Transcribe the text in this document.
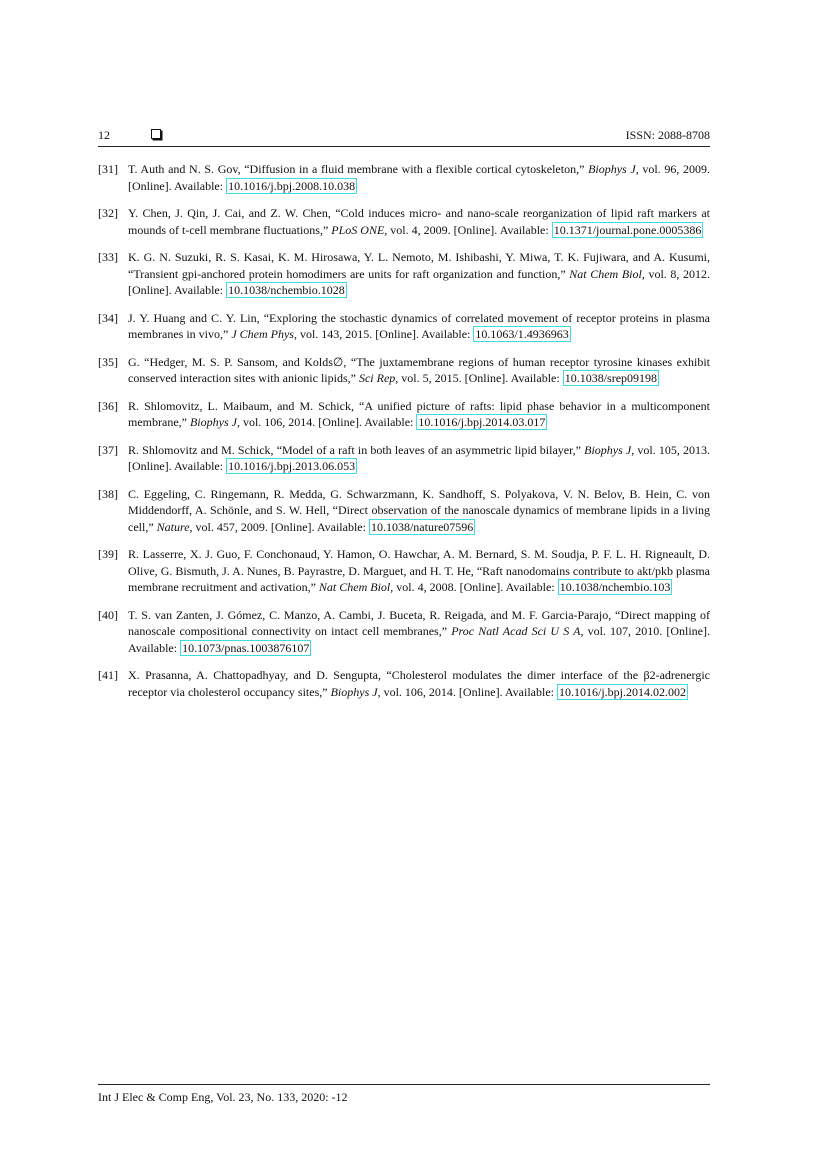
12	ISSN: 2088-8708
[31] T. Auth and N. S. Gov, “Diffusion in a fluid membrane with a flexible cortical cytoskeleton,” Biophys J, vol. 96, 2009. [Online]. Available: 10.1016/j.bpj.2008.10.038
[32] Y. Chen, J. Qin, J. Cai, and Z. W. Chen, “Cold induces micro- and nano-scale reorganization of lipid raft markers at mounds of t-cell membrane fluctuations,” PLoS ONE, vol. 4, 2009. [Online]. Available: 10.1371/journal.pone.0005386
[33] K. G. N. Suzuki, R. S. Kasai, K. M. Hirosawa, Y. L. Nemoto, M. Ishibashi, Y. Miwa, T. K. Fujiwara, and A. Kusumi, “Transient gpi-anchored protein homodimers are units for raft organization and function,” Nat Chem Biol, vol. 8, 2012. [Online]. Available: 10.1038/nchembio.1028
[34] J. Y. Huang and C. Y. Lin, “Exploring the stochastic dynamics of correlated movement of receptor proteins in plasma membranes in vivo,” J Chem Phys, vol. 143, 2015. [Online]. Available: 10.1063/1.4936963
[35] G. “Hedger, M. S. P. Sansom, and Kolds∅, “The juxtamembrane regions of human receptor tyrosine kinases exhibit conserved interaction sites with anionic lipids,” Sci Rep, vol. 5, 2015. [Online]. Available: 10.1038/srep09198
[36] R. Shlomovitz, L. Maibaum, and M. Schick, “A unified picture of rafts: lipid phase behavior in a multicomponent membrane,” Biophys J, vol. 106, 2014. [Online]. Available: 10.1016/j.bpj.2014.03.017
[37] R. Shlomovitz and M. Schick, “Model of a raft in both leaves of an asymmetric lipid bilayer,” Biophys J, vol. 105, 2013. [Online]. Available: 10.1016/j.bpj.2013.06.053
[38] C. Eggeling, C. Ringemann, R. Medda, G. Schwarzmann, K. Sandhoff, S. Polyakova, V. N. Belov, B. Hein, C. von Middendorff, A. Schönle, and S. W. Hell, “Direct observation of the nanoscale dynamics of membrane lipids in a living cell,” Nature, vol. 457, 2009. [Online]. Available: 10.1038/nature07596
[39] R. Lasserre, X. J. Guo, F. Conchonaud, Y. Hamon, O. Hawchar, A. M. Bernard, S. M. Soudja, P. F. L. H. Rigneault, D. Olive, G. Bismuth, J. A. Nunes, B. Payrastre, D. Marguet, and H. T. He, “Raft nanodomains contribute to akt/pkb plasma membrane recruitment and activation,” Nat Chem Biol, vol. 4, 2008. [Online]. Available: 10.1038/nchembio.103
[40] T. S. van Zanten, J. Gómez, C. Manzo, A. Cambi, J. Buceta, R. Reigada, and M. F. Garcia-Parajo, “Direct mapping of nanoscale compositional connectivity on intact cell membranes,” Proc Natl Acad Sci U S A, vol. 107, 2010. [Online]. Available: 10.1073/pnas.1003876107
[41] X. Prasanna, A. Chattopadhyay, and D. Sengupta, “Cholesterol modulates the dimer interface of the β2-adrenergic receptor via cholesterol occupancy sites,” Biophys J, vol. 106, 2014. [Online]. Available: 10.1016/j.bpj.2014.02.002
Int J Elec & Comp Eng, Vol. 23, No. 133, 2020: -12
